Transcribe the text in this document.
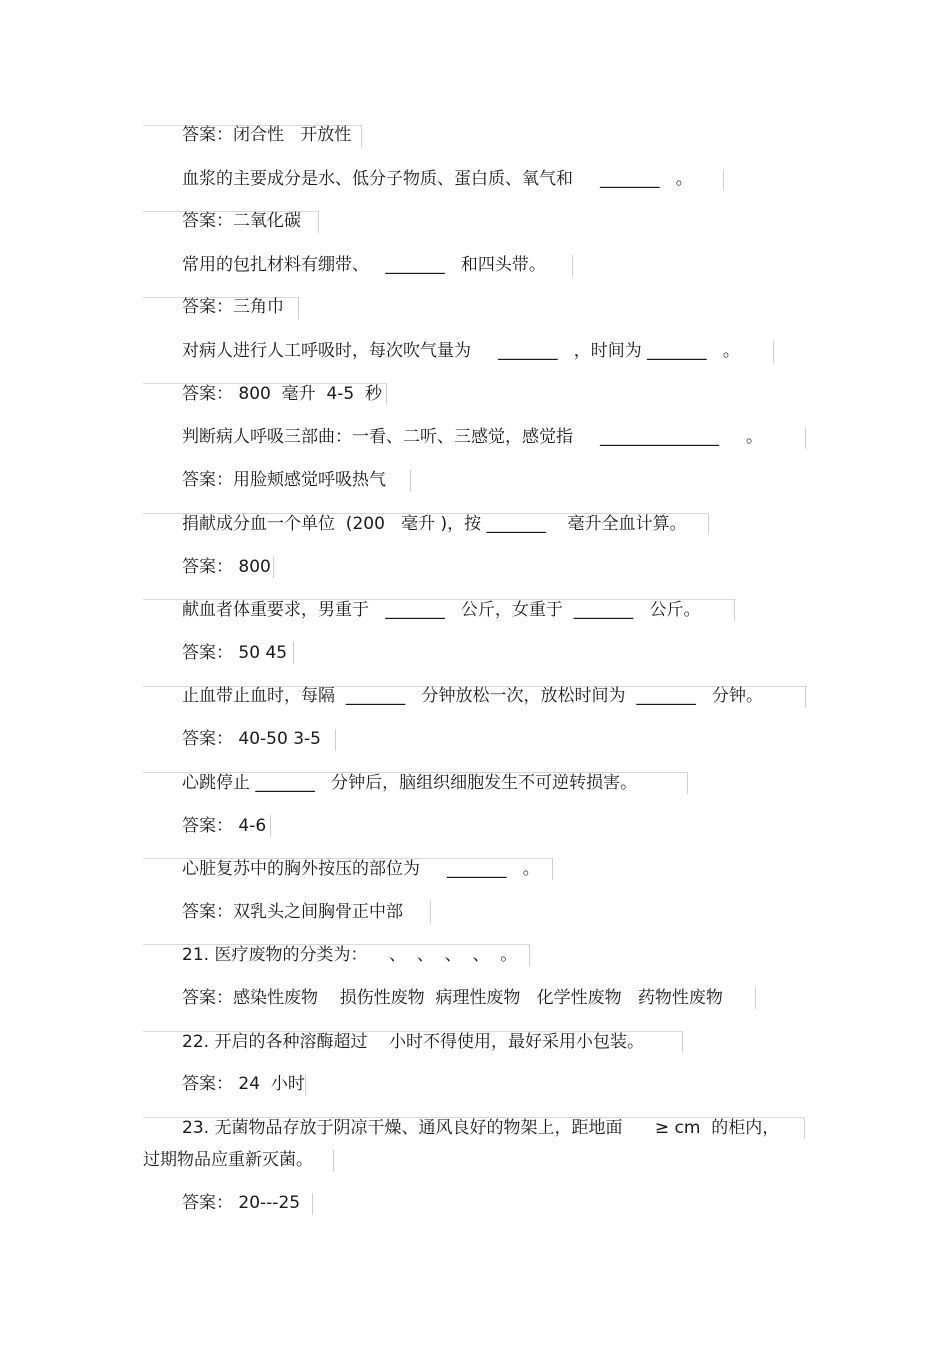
答案：闭合性   开放性
血浆的主要成分是水、低分子物质、蛋白质、氧气和     _______   。
答案：二氧化碳
常用的包扎材料有绷带、   _______   和四头带。
答案：三角巾
对病人进行人工呼吸时，每次吹气量为     _______   ，时间为 _______   。
答案： 800  毫升  4-5  秒
判断病人呼吸三部曲：一看、二听、三感觉，感觉指     ______________     。
答案：用脸颊感觉呼吸热气
捐献成分血一个单位  (200   毫升 )，按 _______    毫升全血计算。
答案： 800
献血者体重要求，男重于   _______   公斤，女重于  _______   公斤。
答案： 50 45
止血带止血时，每隔  _______   分钟放松一次，放松时间为  _______   分钟。
答案： 40-50 3-5
心跳停止 _______   分钟后，脑组织细胞发生不可逆转损害。
答案： 4-6
心脏复苏中的胸外按压的部位为     _______   。
答案：双乳头之间胸骨正中部
21. 医疗废物的分类为：    、  、  、  、  。
答案：感染性废物    损伤性废物  病理性废物   化学性废物   药物性废物
22. 开启的各种溶酶超过    小时不得使用，最好采用小包装。
答案： 24  小时
23. 无菌物品存放于阴凉干燥、通风良好的物架上，距地面      ≥ cm  的柜内，
过期物品应重新灭菌。
答案： 20---25
